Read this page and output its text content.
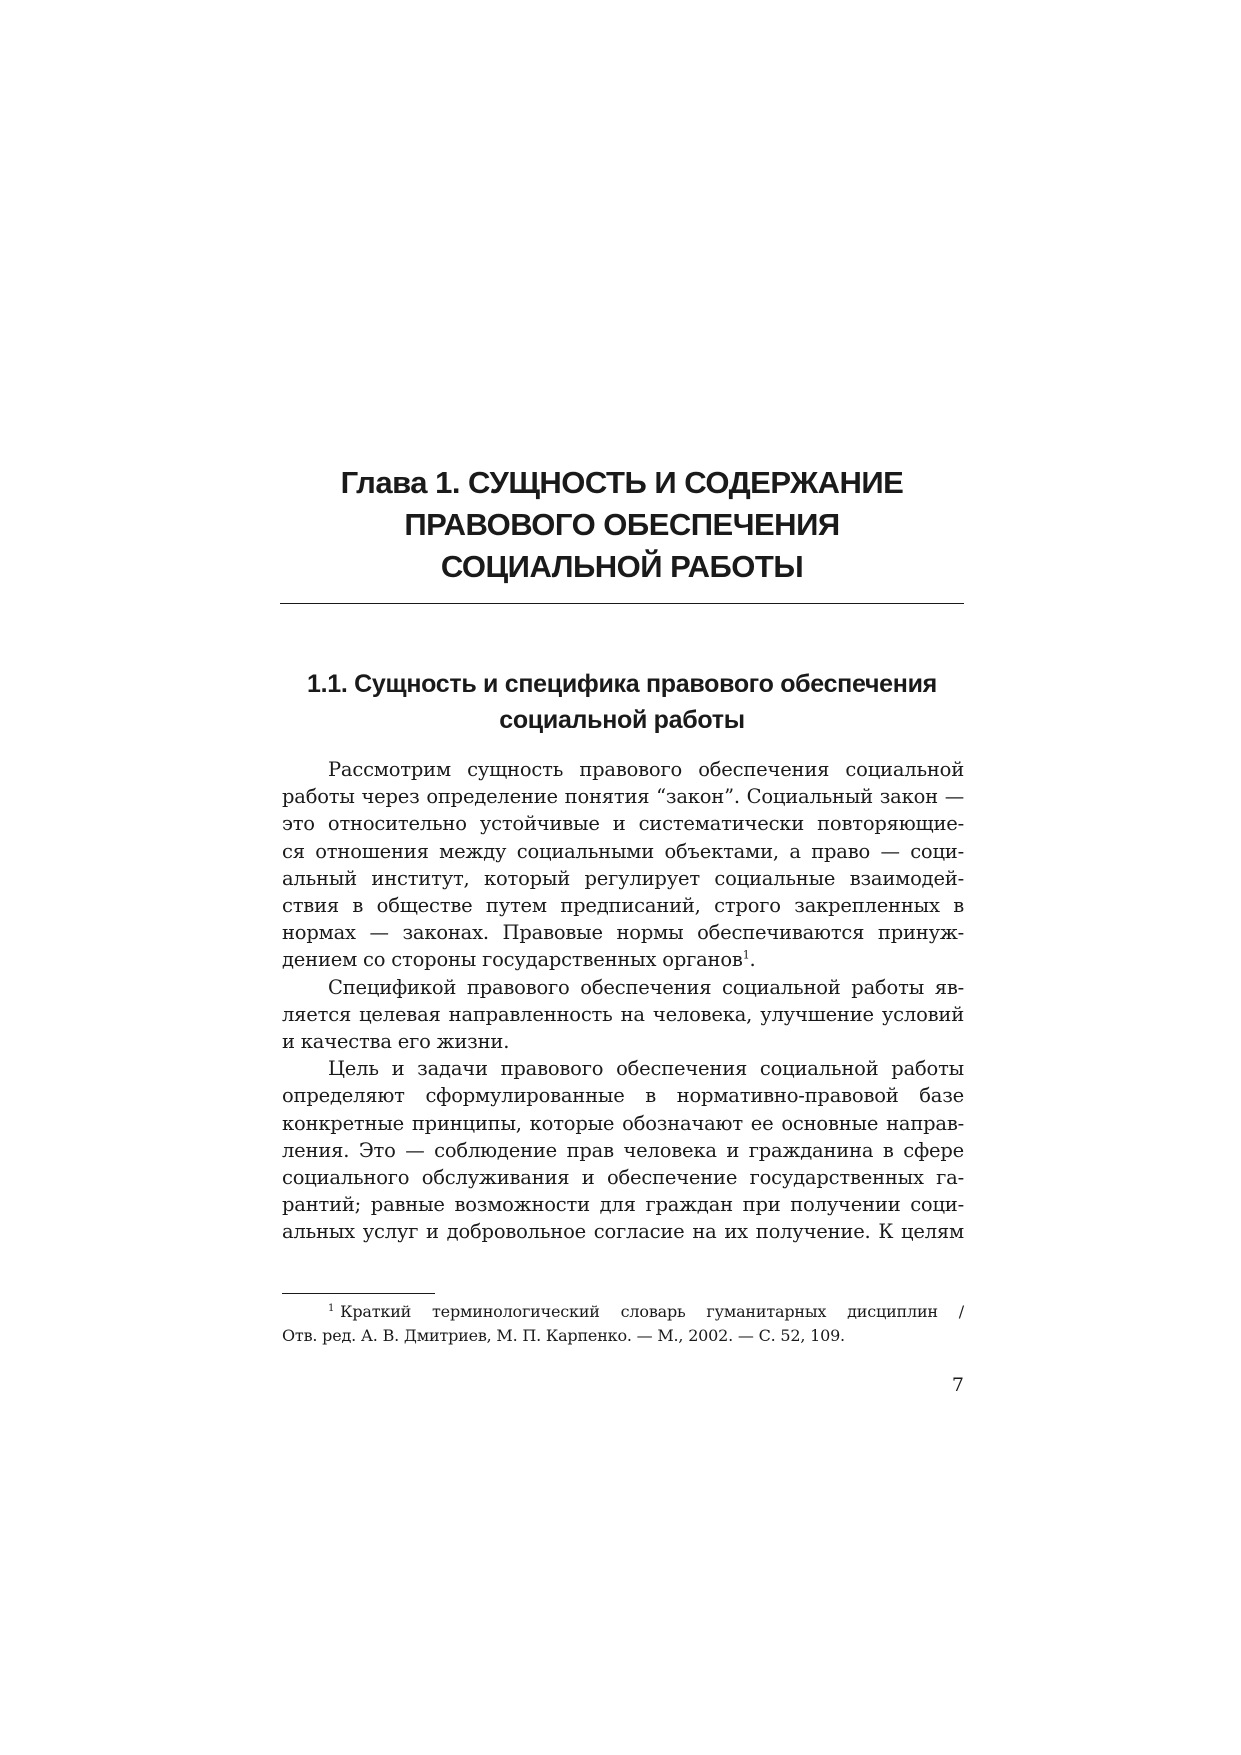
Глава 1. СУЩНОСТЬ И СОДЕРЖАНИЕ
ПРАВОВОГО ОБЕСПЕЧЕНИЯ
СОЦИАЛЬНОЙ РАБОТЫ
1.1. Сущность и специфика правового обеспечения
социальной работы
Рассмотрим сущность правового обеспечения социальной
работы через определение понятия “закон”. Социальный закон —
это относительно устойчивые и систематически повторяющие-
ся отношения между социальными объектами, а право — соци-
альный институт, который регулирует социальные взаимодей-
ствия в обществе путем предписаний, строго закрепленных в
нормах — законах. Правовые нормы обеспечиваются принуж-
дением со стороны государственных органов$^1$.
Спецификой правового обеспечения социальной работы яв-
ляется целевая направленность на человека, улучшение условий
и качества его жизни.
Цель и задачи правового обеспечения социальной работы
определяют сформулированные в нормативно-правовой базе
конкретные принципы, которые обозначают ее основные направ-
ления. Это — соблюдение прав человека и гражданина в сфере
социального обслуживания и обеспечение государственных га-
рантий; равные возможности для граждан при получении соци-
альных услуг и добровольное согласие на их получение. К целям
$^1$ Краткий терминологический словарь гуманитарных дисциплин /
Отв. ред. А. В. Дмитриев, М. П. Карпенко. — М., 2002. — С. 52, 109.
7
